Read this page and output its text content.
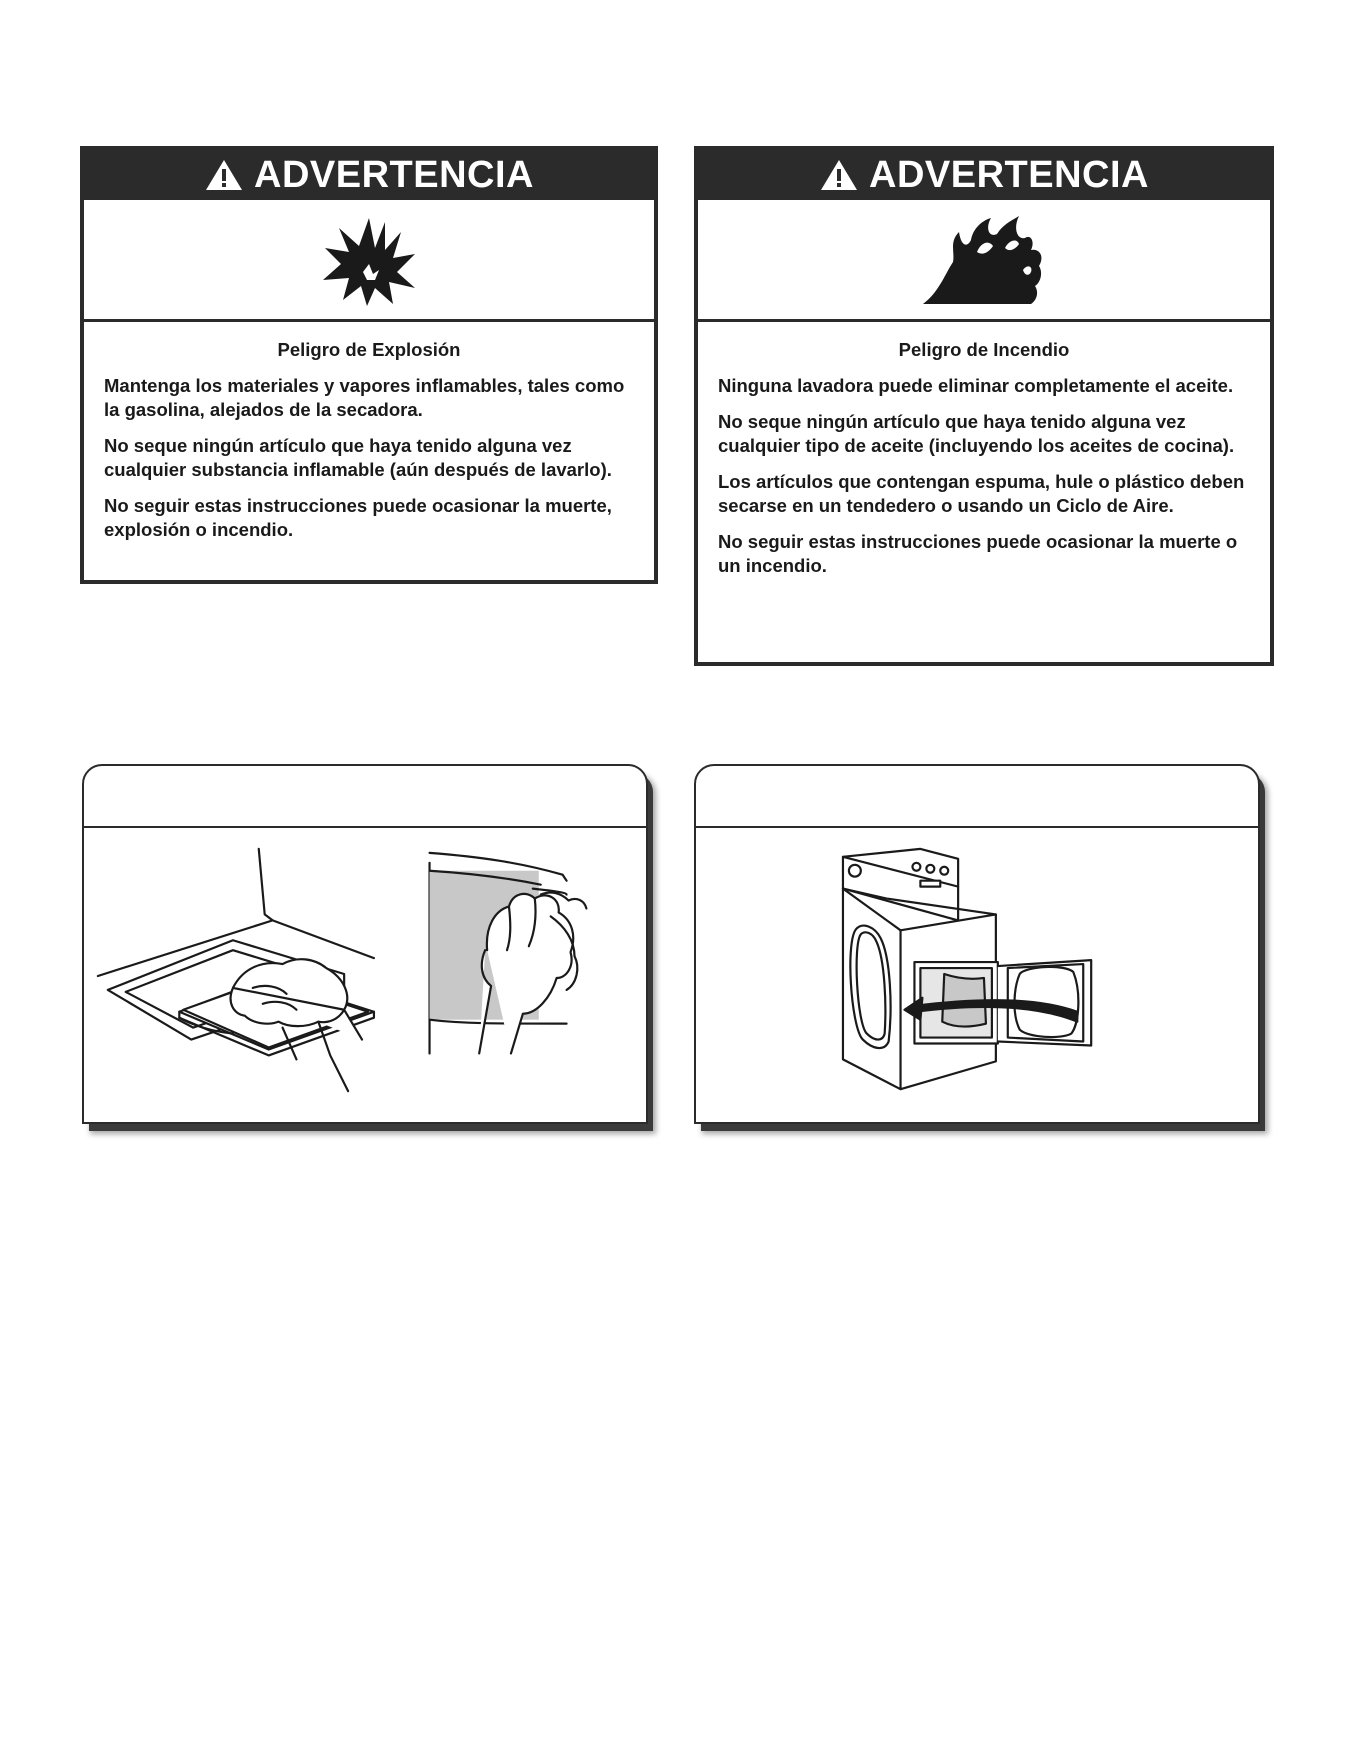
ADVERTENCIA

Peligro de Explosión

Mantenga los materiales y vapores inflamables, tales como la gasolina, alejados de la secadora.

No seque ningún artículo que haya tenido alguna vez cualquier substancia inflamable (aún después de lavarlo).

No seguir estas instrucciones puede ocasionar la muerte, explosión o incendio.

ADVERTENCIA

Peligro de Incendio

Ninguna lavadora puede eliminar completamente el aceite.

No seque ningún artículo que haya tenido alguna vez cualquier tipo de aceite (incluyendo los aceites de cocina).

Los artículos que contengan espuma, hule o plástico deben secarse en un tendedero o usando un Ciclo de Aire.

No seguir estas instrucciones puede ocasionar la muerte o un incendio.
